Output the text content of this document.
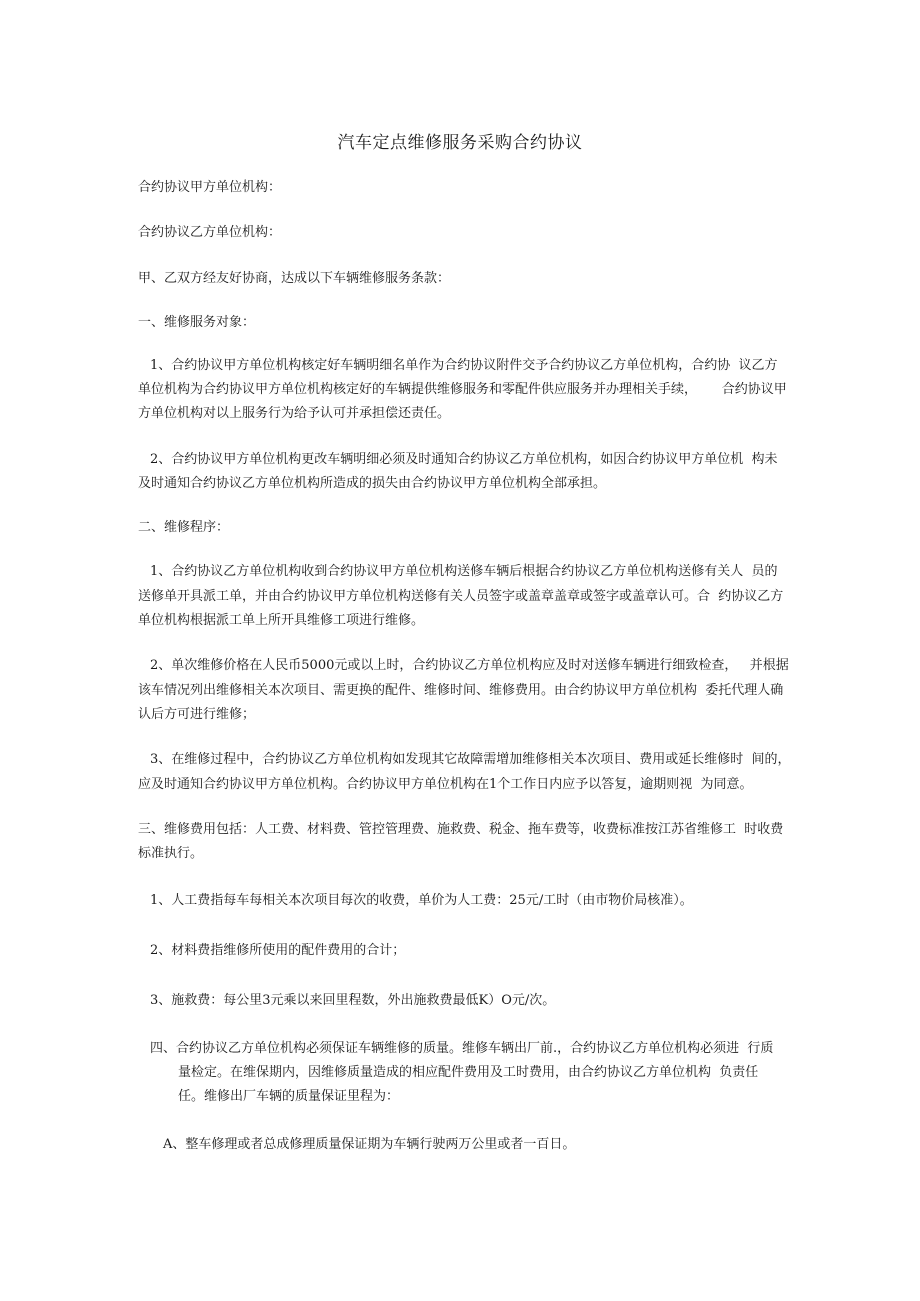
汽车定点维修服务采购合约协议
合约协议甲方单位机构：
合约协议乙方单位机构：
甲、乙双方经友好协商，达成以下车辆维修服务条款：
一、维修服务对象：
1、合约协议甲方单位机构核定好车辆明细名单作为合约协议附件交予合约协议乙方单位机构，合约协  议乙方
单位机构为合约协议甲方单位机构核定好的车辆提供维修服务和零配件供应服务并办理相关手续，      合约协议甲
方单位机构对以上服务行为给予认可并承担偿还责任。
2、合约协议甲方单位机构更改车辆明细必须及时通知合约协议乙方单位机构，如因合约协议甲方单位机  构未
及时通知合约协议乙方单位机构所造成的损失由合约协议甲方单位机构全部承担。
二、维修程序：
1、合约协议乙方单位机构收到合约协议甲方单位机构送修车辆后根据合约协议乙方单位机构送修有关人  员的
送修单开具派工单，并由合约协议甲方单位机构送修有关人员签字或盖章盖章或签字或盖章认可。合  约协议乙方
单位机构根据派工单上所开具维修工项进行维修。
2、单次维修价格在人民币5000元或以上时，合约协议乙方单位机构应及时对送修车辆进行细致检查，   并根据
该车情况列出维修相关本次项目、需更换的配件、维修时间、维修费用。由合约协议甲方单位机构  委托代理人确
认后方可进行维修；
3、在维修过程中，合约协议乙方单位机构如发现其它故障需增加维修相关本次项目、费用或延长维修时  间的，
应及时通知合约协议甲方单位机构。合约协议甲方单位机构在1个工作日内应予以答复，逾期则视  为同意。
三、维修费用包括：人工费、材料费、管控管理费、施救费、税金、拖车费等，收费标准按江苏省维修工  时收费
标准执行。
1、人工费指每车每相关本次项目每次的收费，单价为人工费：25元/工时（由市物价局核准）。
2、材料费指维修所使用的配件费用的合计；
3、施救费：每公里3元乘以来回里程数，外出施救费最低K）O元/次。
四、合约协议乙方单位机构必须保证车辆维修的质量。维修车辆出厂前.，合约协议乙方单位机构必须进  行质
量检定。在维保期内，因维修质量造成的相应配件费用及工时费用，由合约协议乙方单位机构  负责任
任。维修出厂车辆的质量保证里程为：
A、整车修理或者总成修理质量保证期为车辆行驶两万公里或者一百日。
